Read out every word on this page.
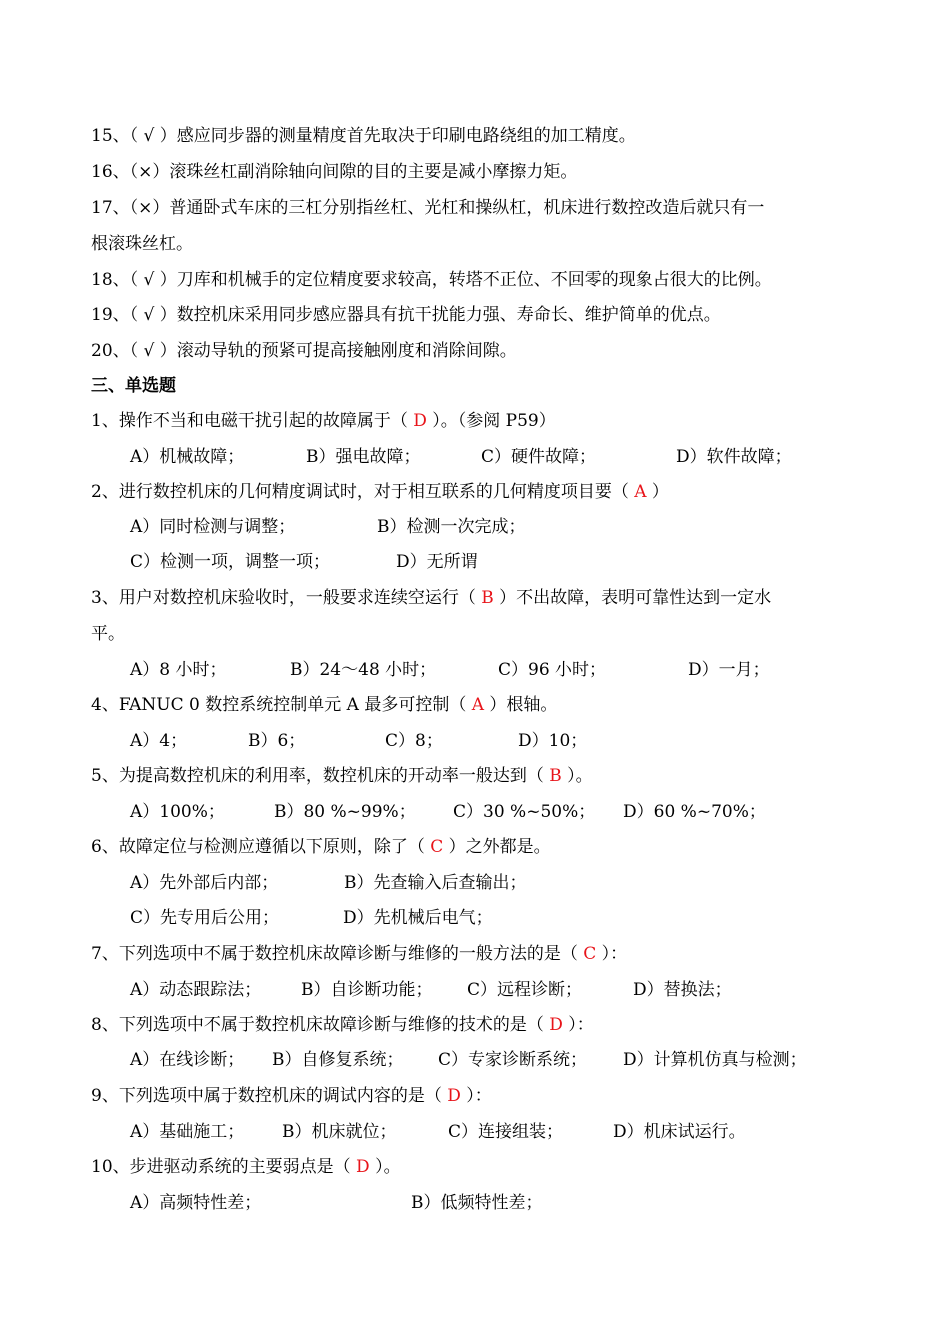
15、（ √ ）感应同步器的测量精度首先取决于印刷电路绕组的加工精度。
16、（×）滚珠丝杠副消除轴向间隙的目的主要是减小摩擦力矩。
17、（×）普通卧式车床的三杠分别指丝杠、光杠和操纵杠，机床进行数控改造后就只有一
根滚珠丝杠。
18、（ √ ）刀库和机械手的定位精度要求较高，转塔不正位、不回零的现象占很大的比例。
19、（ √ ）数控机床采用同步感应器具有抗干扰能力强、寿命长、维护简单的优点。
20、（ √ ）滚动导轨的预紧可提高接触刚度和消除间隙。
三、单选题
1、操作不当和电磁干扰引起的故障属于（ D ）。（参阅 P59）
A）机械故障；	B）强电故障；	C）硬件故障；	D）软件故障；
2、进行数控机床的几何精度调试时，对于相互联系的几何精度项目要（ A ）
A）同时检测与调整；	B）检测一次完成；
C）检测一项，调整一项；	D）无所谓
3、用户对数控机床验收时，一般要求连续空运行（ B ）不出故障，表明可靠性达到一定水
平。
A）8 小时；	B）24～48 小时；	C）96 小时；	D）一月；
4、FANUC 0 数控系统控制单元 A 最多可控制（ A ）根轴。
A）4；	B）6；	C）8；	D）10；
5、为提高数控机床的利用率，数控机床的开动率一般达到（ B ）。
A）100%；	B）80 %~99%； C）30 %~50%； D）60 %~70%；
6、故障定位与检测应遵循以下原则，除了（ C ）之外都是。
A）先外部后内部；	B）先查输入后查输出；
C）先专用后公用；	D）先机械后电气；
7、下列选项中不属于数控机床故障诊断与维修的一般方法的是（ C ）：
A）动态跟踪法； B）自诊断功能； C）远程诊断；	D）替换法；
8、下列选项中不属于数控机床故障诊断与维修的技术的是（ D ）：
A）在线诊断； B）自修复系统； C）专家诊断系统； D）计算机仿真与检测；
9、下列选项中属于数控机床的调试内容的是（ D ）：
A）基础施工； B）机床就位；	C）连接组装；	D）机床试运行。
10、步进驱动系统的主要弱点是（ D ）。
A）高频特性差；	B）低频特性差；
